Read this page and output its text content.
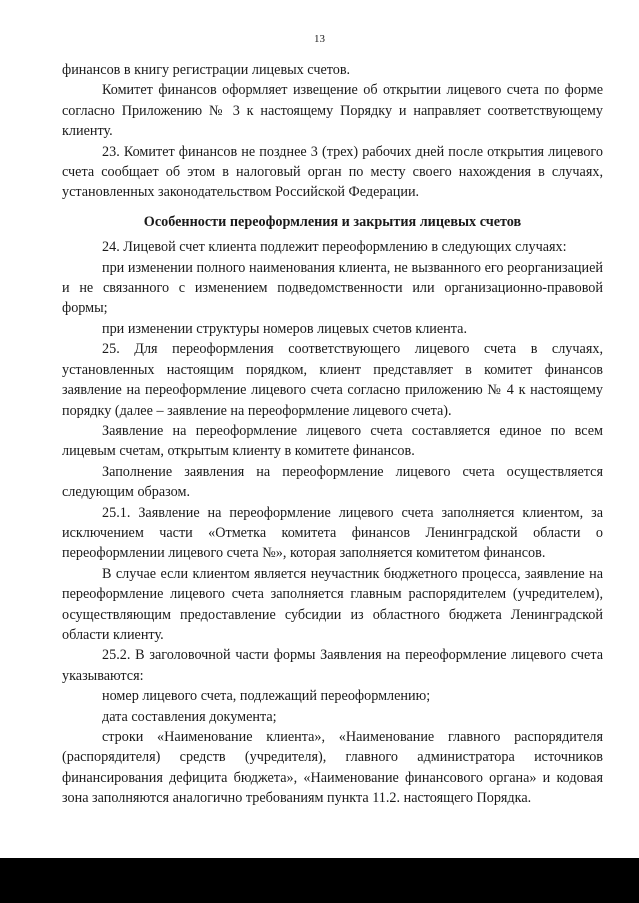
13

финансов в книгу регистрации лицевых счетов.

Комитет финансов оформляет извещение об открытии лицевого счета по форме согласно Приложению № 3 к настоящему Порядку и направляет соответствующему клиенту.

23. Комитет финансов не позднее 3 (трех) рабочих дней после открытия лицевого счета сообщает об этом в налоговый орган по месту своего нахождения в случаях, установленных законодательством Российской Федерации.

Особенности переоформления и закрытия лицевых счетов

24. Лицевой счет клиента подлежит переоформлению в следующих случаях:

при изменении полного наименования клиента, не вызванного его реорганизацией и не связанного с изменением подведомственности или организационно-правовой формы;

при изменении структуры номеров лицевых счетов клиента.

25. Для переоформления соответствующего лицевого счета в случаях, установленных настоящим порядком, клиент представляет в комитет финансов заявление на переоформление лицевого счета согласно приложению № 4 к настоящему порядку (далее – заявление на переоформление лицевого счета).

Заявление на переоформление лицевого счета составляется единое по всем лицевым счетам, открытым клиенту в комитете финансов.

Заполнение заявления на переоформление лицевого счета осуществляется следующим образом.

25.1. Заявление на переоформление лицевого счета заполняется клиентом, за исключением части «Отметка комитета финансов Ленинградской области о переоформлении лицевого счета №», которая заполняется комитетом финансов.

В случае если клиентом является неучастник бюджетного процесса, заявление на переоформление лицевого счета заполняется главным распорядителем (учредителем), осуществляющим предоставление субсидии из областного бюджета Ленинградской области клиенту.

25.2. В заголовочной части формы Заявления на переоформление лицевого счета указываются:

номер лицевого счета, подлежащий переоформлению;

дата составления документа;

строки «Наименование клиента», «Наименование главного распорядителя (распорядителя) средств (учредителя), главного администратора источников финансирования дефицита бюджета», «Наименование финансового органа» и кодовая зона заполняются аналогично требованиям пункта 11.2. настоящего Порядка.
